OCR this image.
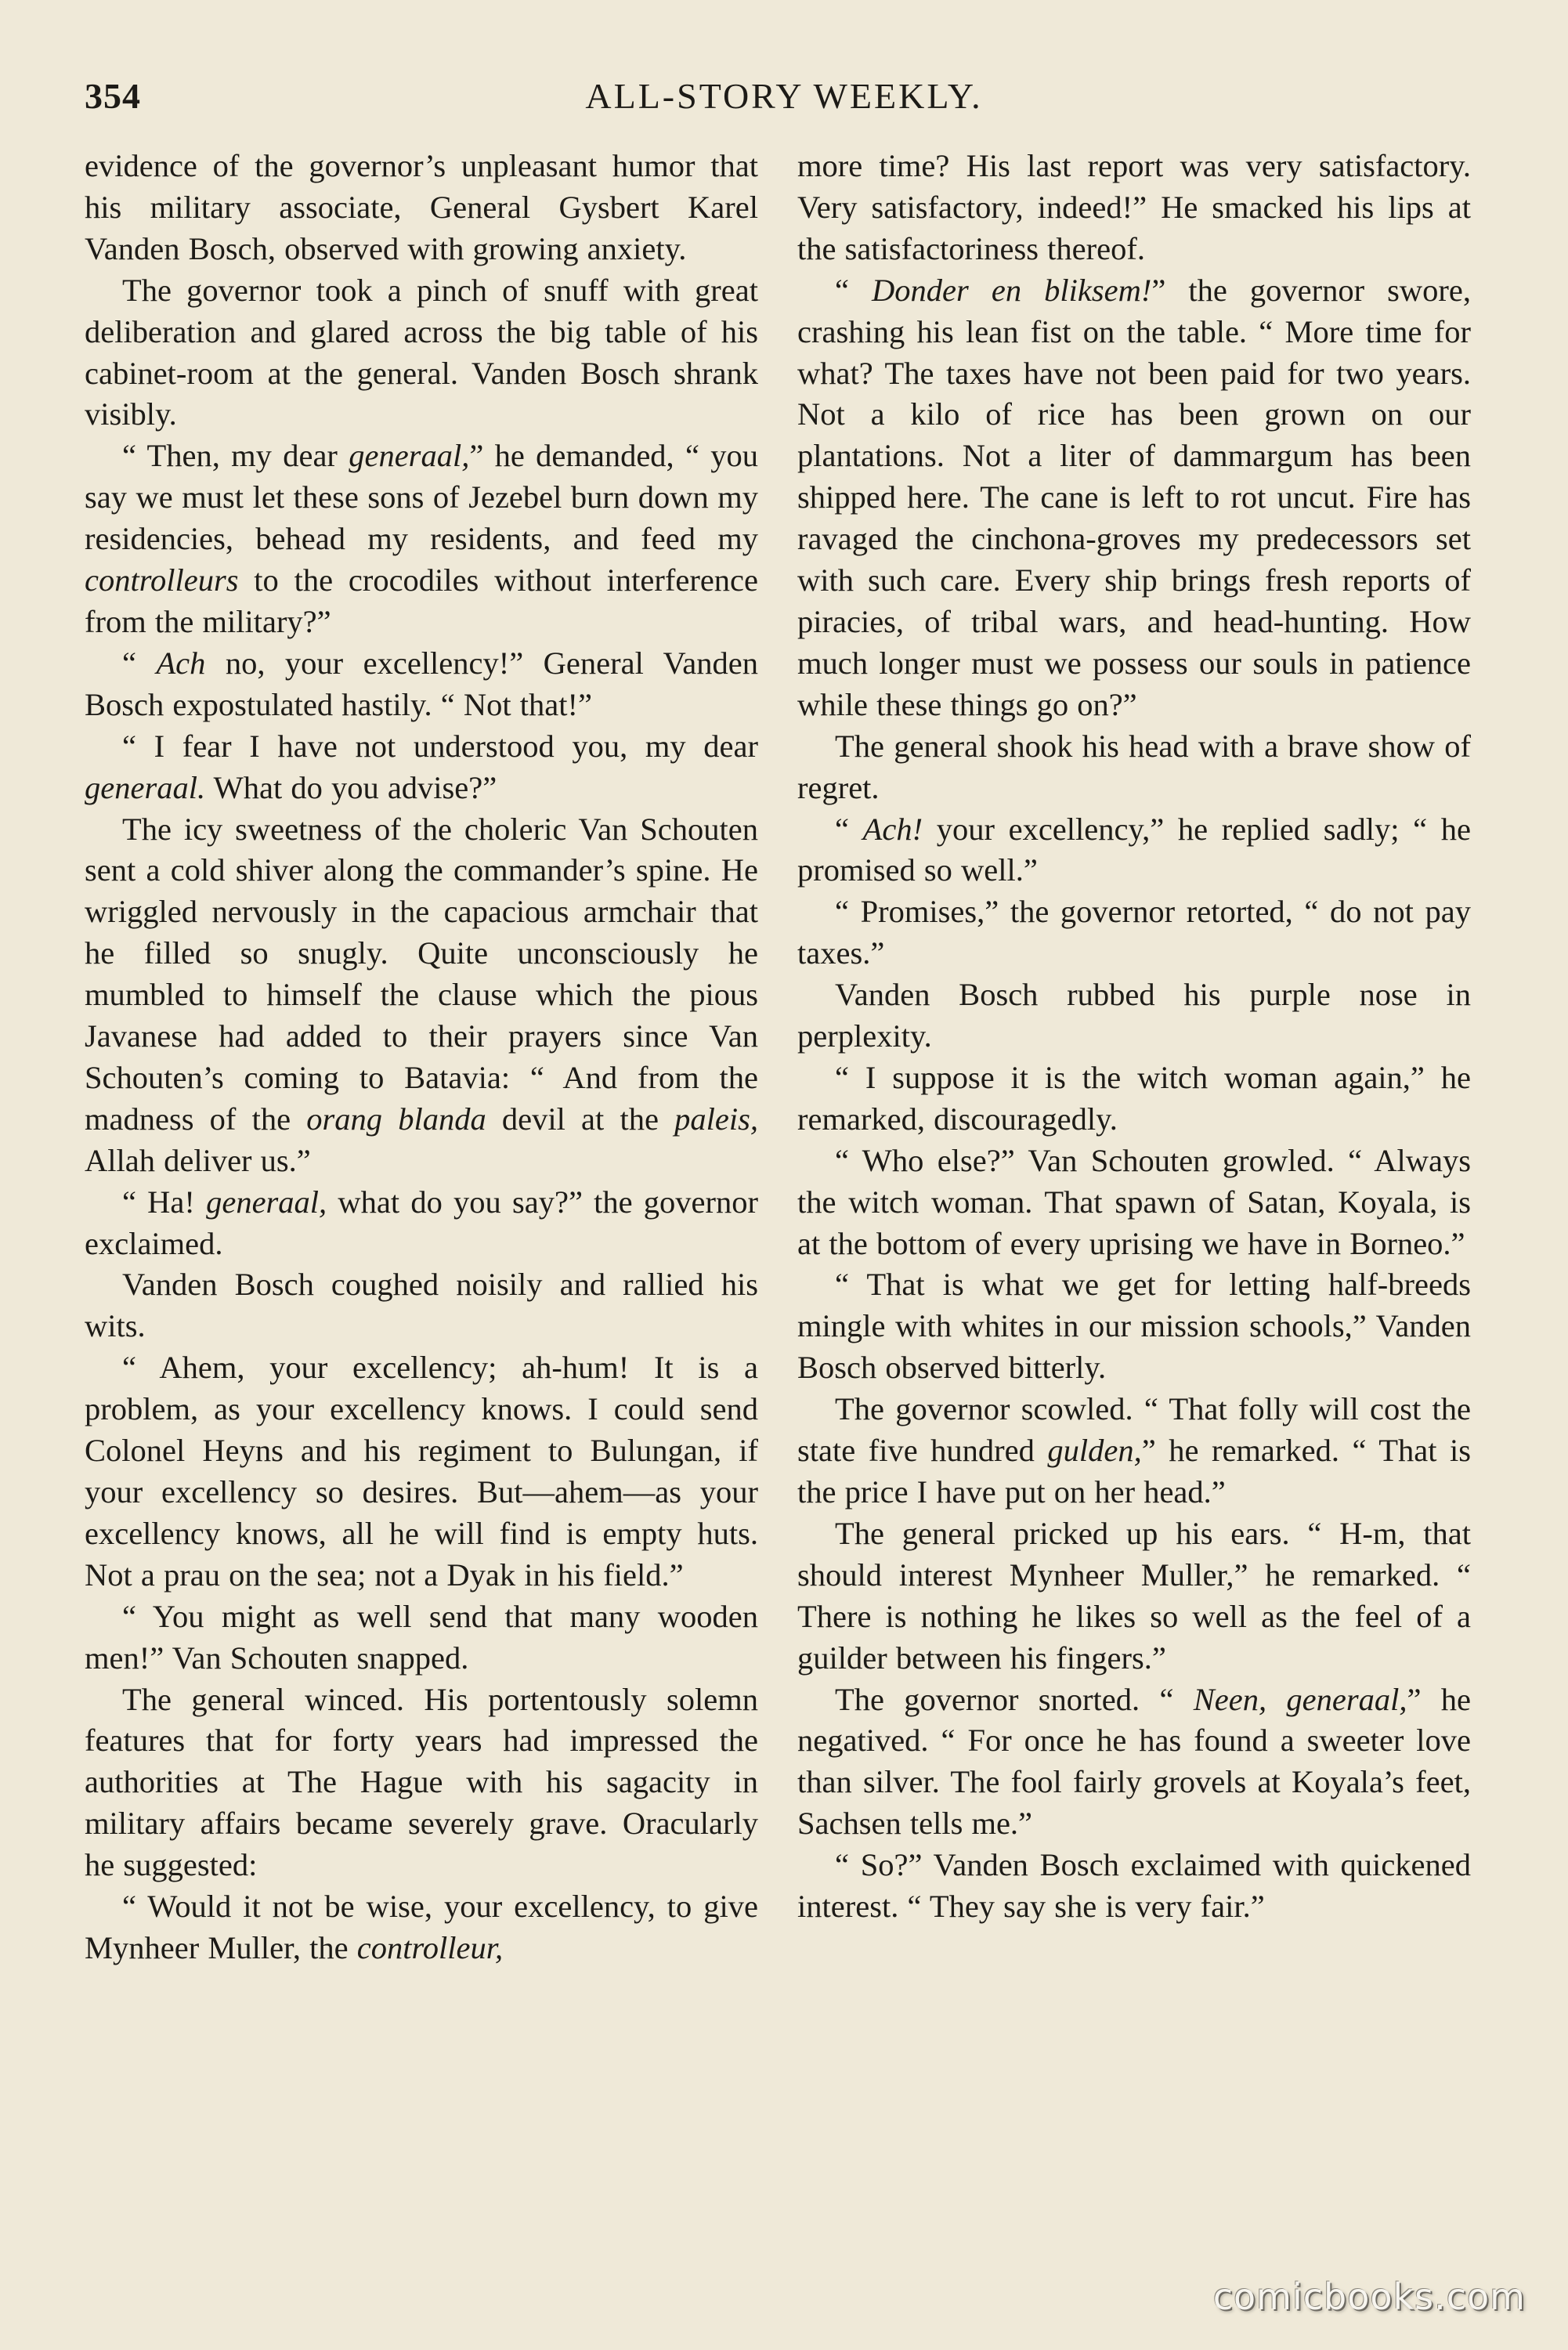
354	ALL-STORY WEEKLY.

evidence of the governor’s unpleasant humor that his military associate, General Gysbert Karel Vanden Bosch, observed with growing anxiety.

The governor took a pinch of snuff with great deliberation and glared across the big table of his cabinet-room at the general. Vanden Bosch shrank visibly.

“ Then, my dear generaal,” he demanded, “ you say we must let these sons of Jezebel burn down my residencies, behead my residents, and feed my controlleurs to the crocodiles without interference from the military?”

“ Ach no, your excellency!” General Vanden Bosch expostulated hastily. “ Not that!”

“ I fear I have not understood you, my dear generaal. What do you advise?”

The icy sweetness of the choleric Van Schouten sent a cold shiver along the commander’s spine. He wriggled nervously in the capacious armchair that he filled so snugly. Quite unconsciously he mumbled to himself the clause which the pious Javanese had added to their prayers since Van Schouten’s coming to Batavia: “ And from the madness of the orang blanda devil at the paleis, Allah deliver us.”

“ Ha! generaal, what do you say?” the governor exclaimed.

Vanden Bosch coughed noisily and rallied his wits.

“ Ahem, your excellency; ah-hum! It is a problem, as your excellency knows. I could send Colonel Heyns and his regiment to Bulungan, if your excellency so desires. But—ahem—as your excellency knows, all he will find is empty huts. Not a prau on the sea; not a Dyak in his field.”

“ You might as well send that many wooden men!” Van Schouten snapped.

The general winced. His portentously solemn features that for forty years had impressed the authorities at The Hague with his sagacity in military affairs became severely grave. Oracularly he suggested:

“ Would it not be wise, your excellency, to give Mynheer Muller, the controlleur,

more time? His last report was very satisfactory. Very satisfactory, indeed!” He smacked his lips at the satisfactoriness thereof.

“ Donder en bliksem!” the governor swore, crashing his lean fist on the table. “ More time for what? The taxes have not been paid for two years. Not a kilo of rice has been grown on our plantations. Not a liter of dammargum has been shipped here. The cane is left to rot uncut. Fire has ravaged the cinchona-groves my predecessors set with such care. Every ship brings fresh reports of piracies, of tribal wars, and head-hunting. How much longer must we possess our souls in patience while these things go on?”

The general shook his head with a brave show of regret.

“ Ach! your excellency,” he replied sadly; “ he promised so well.”

“ Promises,” the governor retorted, “ do not pay taxes.”

Vanden Bosch rubbed his purple nose in perplexity.

“ I suppose it is the witch woman again,” he remarked, discouragedly.

“ Who else?” Van Schouten growled. “ Always the witch woman. That spawn of Satan, Koyala, is at the bottom of every uprising we have in Borneo.”

“ That is what we get for letting half-breeds mingle with whites in our mission schools,” Vanden Bosch observed bitterly.

The governor scowled. “ That folly will cost the state five hundred gulden,” he remarked. “ That is the price I have put on her head.”

The general pricked up his ears. “ H-m, that should interest Mynheer Muller,” he remarked. “ There is nothing he likes so well as the feel of a guilder between his fingers.”

The governor snorted. “ Neen, generaal,” he negatived. “ For once he has found a sweeter love than silver. The fool fairly grovels at Koyala’s feet, Sachsen tells me.”

“ So?” Vanden Bosch exclaimed with quickened interest. “ They say she is very fair.”

comicbooks.com
